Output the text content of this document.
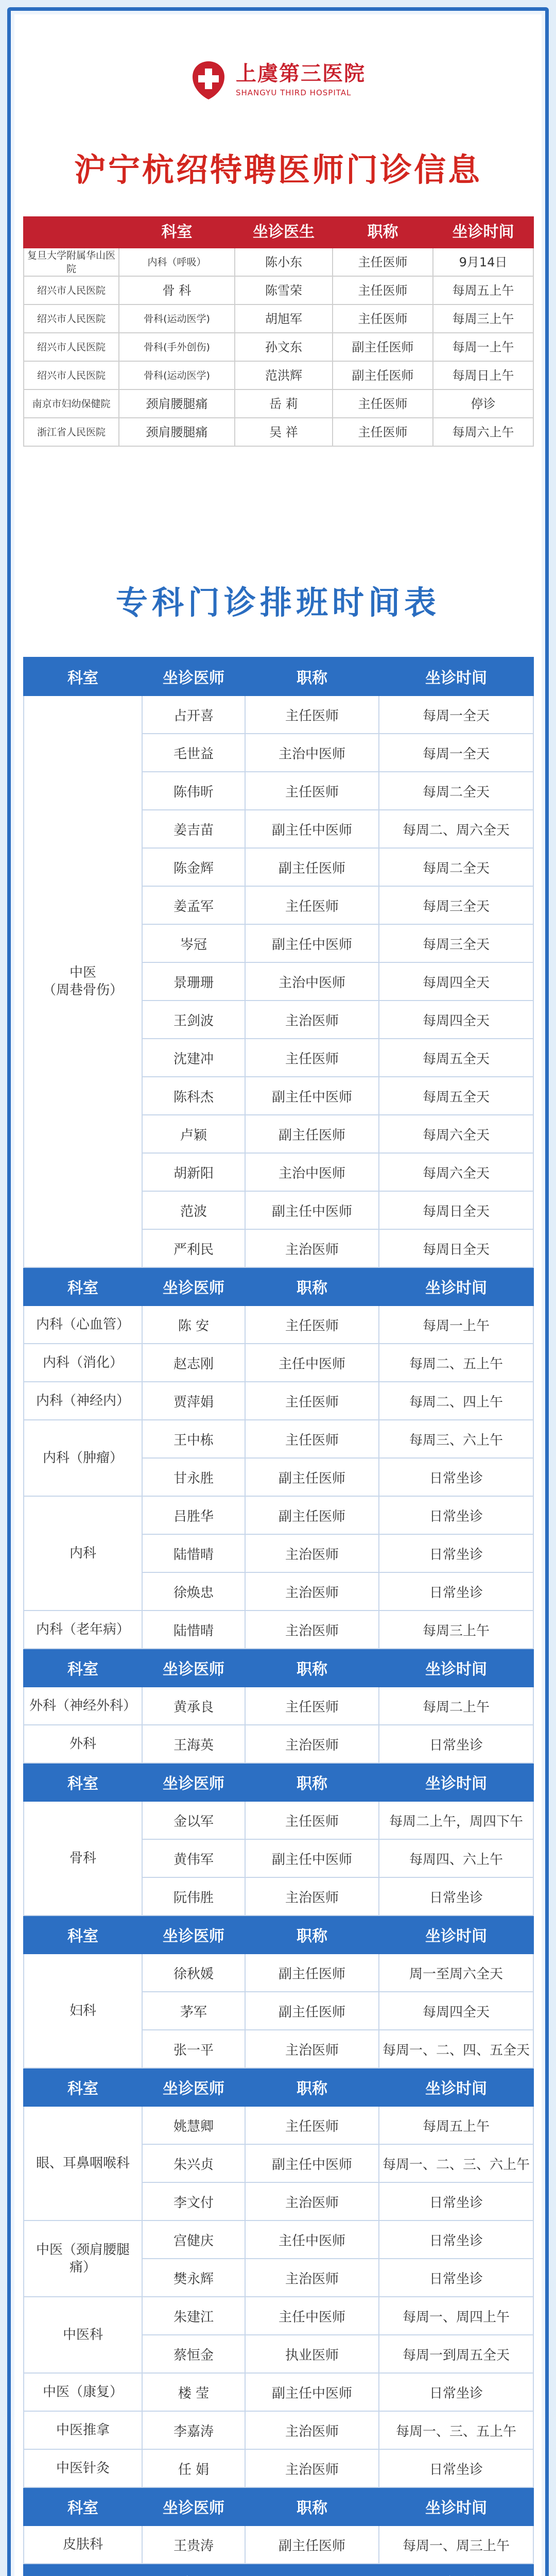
上虞第三医院
SHANGYU THIRD HOSPITAL
沪宁杭绍特聘医师门诊信息
	科室	坐诊医生	职称	坐诊时间
复旦大学附属华山医院	内科（呼吸）	陈小东	主任医师	9月14日
绍兴市人民医院	骨 科	陈雪荣	主任医师	每周五上午
绍兴市人民医院	骨科(运动医学)	胡旭军	主任医师	每周三上午
绍兴市人民医院	骨科(手外创伤)	孙文东	副主任医师	每周一上午
绍兴市人民医院	骨科(运动医学)	范洪辉	副主任医师	每周日上午
南京市妇幼保健院	颈肩腰腿痛	岳 莉	主任医师	停诊
浙江省人民医院	颈肩腰腿痛	吴 祥	主任医师	每周六上午
专科门诊排班时间表
科室	坐诊医师	职称	坐诊时间
中医
（周巷骨伤）	占开喜	主任医师	每周一全天
	毛世益	主治中医师	每周一全天
	陈伟昕	主任医师	每周二全天
	姜吉苗	副主任中医师	每周二、周六全天
	陈金辉	副主任医师	每周二全天
	姜孟军	主任医师	每周三全天
	岑冠	副主任中医师	每周三全天
	景珊珊	主治中医师	每周四全天
	王剑波	主治医师	每周四全天
	沈建冲	主任医师	每周五全天
	陈科杰	副主任中医师	每周五全天
	卢颖	副主任医师	每周六全天
	胡新阳	主治中医师	每周六全天
	范波	副主任中医师	每周日全天
	严利民	主治医师	每周日全天
科室	坐诊医师	职称	坐诊时间
内科（心血管）	陈 安	主任医师	每周一上午
内科（消化）	赵志刚	主任中医师	每周二、五上午
内科（神经内）	贾萍娟	主任医师	每周二、四上午
内科（肿瘤）	王中栋	主任医师	每周三、六上午
	甘永胜	副主任医师	日常坐诊
内科	吕胜华	副主任医师	日常坐诊
	陆惜晴	主治医师	日常坐诊
	徐焕忠	主治医师	日常坐诊
内科（老年病）	陆惜晴	主治医师	每周三上午
科室	坐诊医师	职称	坐诊时间
外科（神经外科）	黄承良	主任医师	每周二上午
外科	王海英	主治医师	日常坐诊
科室	坐诊医师	职称	坐诊时间
骨科	金以军	主任医师	每周二上午，周四下午
	黄伟军	副主任中医师	每周四、六上午
	阮伟胜	主治医师	日常坐诊
科室	坐诊医师	职称	坐诊时间
妇科	徐秋媛	副主任医师	周一至周六全天
	茅军	副主任医师	每周四全天
	张一平	主治医师	每周一、二、四、五全天
科室	坐诊医师	职称	坐诊时间
眼、耳鼻咽喉科	姚慧卿	主任医师	每周五上午
	朱兴贞	副主任中医师	每周一、二、三、六上午
	李文付	主治医师	日常坐诊
中医（颈肩腰腿痛）	宫健庆	主任中医师	日常坐诊
	樊永辉	主治医师	日常坐诊
中医科	朱建江	主任中医师	每周一、周四上午
	蔡恒金	执业医师	每周一到周五全天
中医（康复）	楼 莹	副主任中医师	日常坐诊
中医推拿	李嘉涛	主治医师	每周一、三、五上午
中医针灸	任 娟	主治医师	日常坐诊
科室	坐诊医师	职称	坐诊时间
皮肤科	王贵涛	副主任医师	每周一、周三上午
